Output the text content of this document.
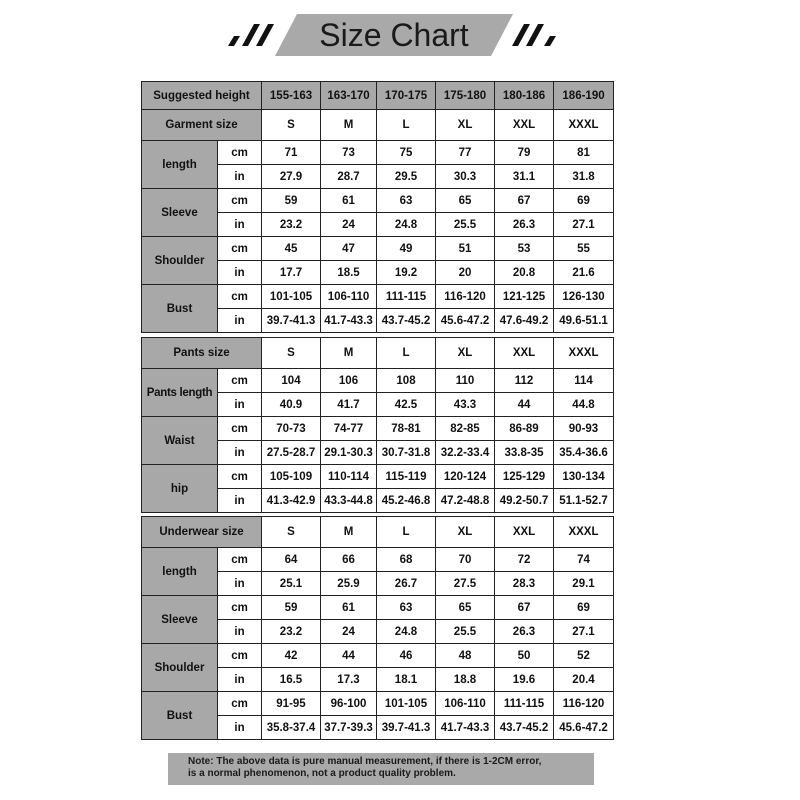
Size Chart
Suggested height		155-163	163-170	170-175	175-180	180-186	186-190
Garment size		S	M	L	XL	XXL	XXXL
length	cm	71	73	75	77	79	81
	in	27.9	28.7	29.5	30.3	31.1	31.8
Sleeve	cm	59	61	63	65	67	69
	in	23.2	24	24.8	25.5	26.3	27.1
Shoulder	cm	45	47	49	51	53	55
	in	17.7	18.5	19.2	20	20.8	21.6
Bust	cm	101-105	106-110	111-115	116-120	121-125	126-130
	in	39.7-41.3	41.7-43.3	43.7-45.2	45.6-47.2	47.6-49.2	49.6-51.1
Pants size		S	M	L	XL	XXL	XXXL
Pants length	cm	104	106	108	110	112	114
	in	40.9	41.7	42.5	43.3	44	44.8
Waist	cm	70-73	74-77	78-81	82-85	86-89	90-93
	in	27.5-28.7	29.1-30.3	30.7-31.8	32.2-33.4	33.8-35	35.4-36.6
hip	cm	105-109	110-114	115-119	120-124	125-129	130-134
	in	41.3-42.9	43.3-44.8	45.2-46.8	47.2-48.8	49.2-50.7	51.1-52.7
Underwear size		S	M	L	XL	XXL	XXXL
length	cm	64	66	68	70	72	74
	in	25.1	25.9	26.7	27.5	28.3	29.1
Sleeve	cm	59	61	63	65	67	69
	in	23.2	24	24.8	25.5	26.3	27.1
Shoulder	cm	42	44	46	48	50	52
	in	16.5	17.3	18.1	18.8	19.6	20.4
Bust	cm	91-95	96-100	101-105	106-110	111-115	116-120
	in	35.8-37.4	37.7-39.3	39.7-41.3	41.7-43.3	43.7-45.2	45.6-47.2
Note: The above data is pure manual measurement, if there is 1-2CM error,
is a normal phenomenon, not a product quality problem.
